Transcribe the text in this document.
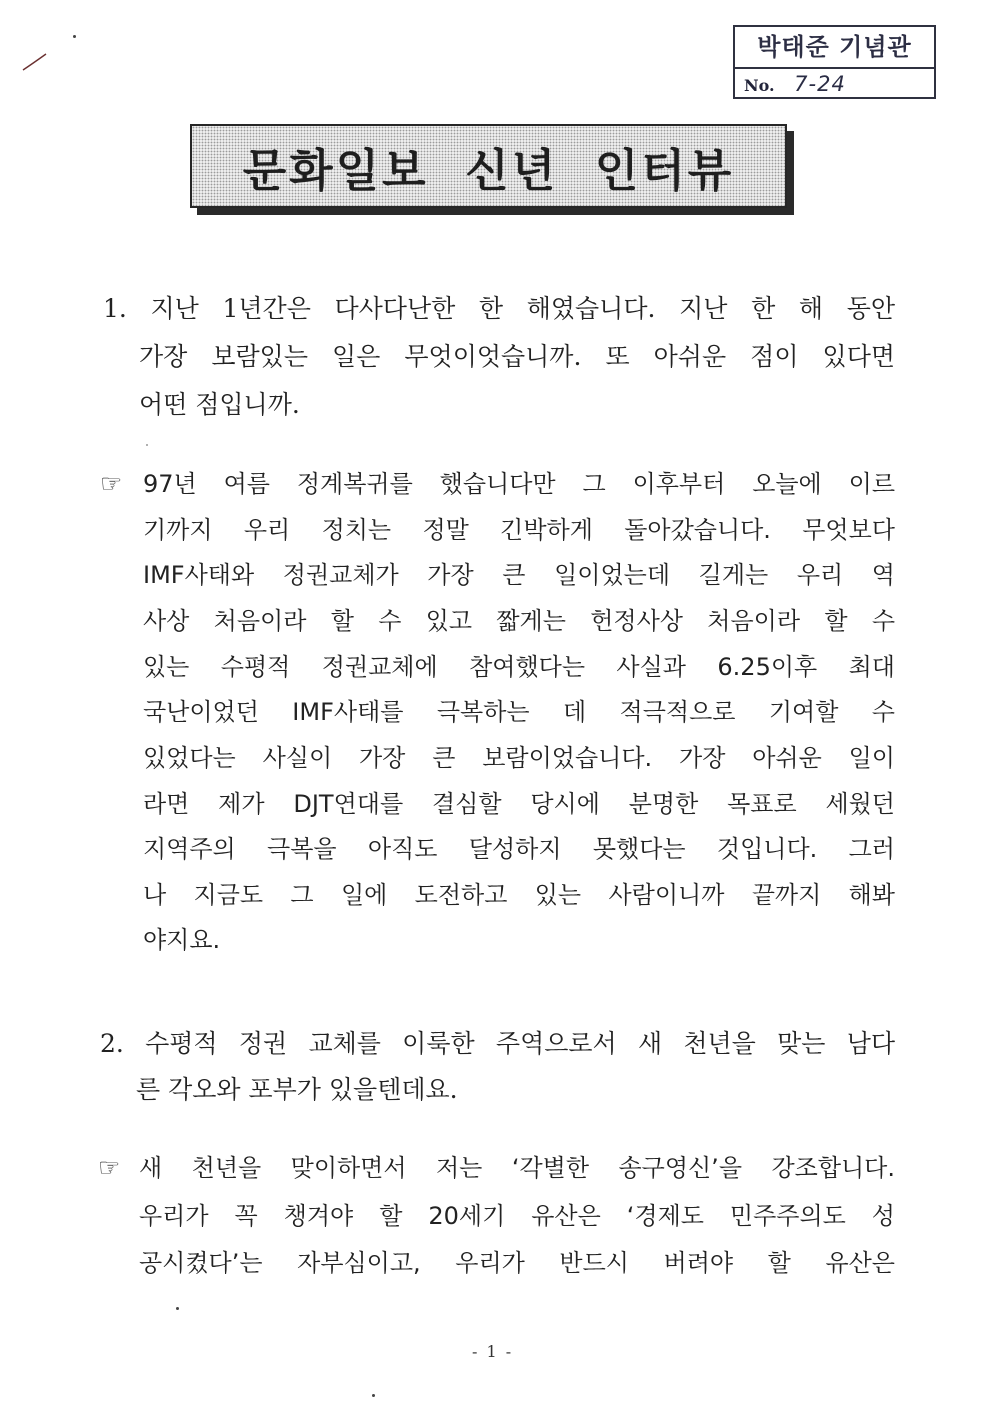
박태준 기념관
No. 7-24
문화일보 신년 인터뷰
1. 지난 1년간은 다사다난한 한 해였습니다. 지난 한 해 동안
가장 보람있는 일은 무엇이엇습니까. 또 아쉬운 점이 있다면
어떤 점입니까.
☞ 97년 여름 정계복귀를 했습니다만 그 이후부터 오늘에 이르
기까지 우리 정치는 정말 긴박하게 돌아갔습니다. 무엇보다
IMF사태와 정권교체가 가장 큰 일이었는데 길게는 우리 역
사상 처음이라 할 수 있고 짧게는 헌정사상 처음이라 할 수
있는 수평적 정권교체에 참여했다는 사실과 6.25이후 최대
국난이었던 IMF사태를 극복하는 데 적극적으로 기여할 수
있었다는 사실이 가장 큰 보람이었습니다. 가장 아쉬운 일이
라면 제가 DJT연대를 결심할 당시에 분명한 목표로 세웠던
지역주의 극복을 아직도 달성하지 못했다는 것입니다. 그러
나 지금도 그 일에 도전하고 있는 사람이니까 끝까지 해봐
야지요.
2. 수평적 정권 교체를 이룩한 주역으로서 새 천년을 맞는 남다
른 각오와 포부가 있을텐데요.
☞ 새 천년을 맞이하면서 저는 ‘각별한 송구영신’을 강조합니다.
우리가 꼭 챙겨야 할 20세기 유산은 ‘경제도 민주주의도 성
공시켰다’는 자부심이고, 우리가 반드시 버려야 할 유산은
- 1 -
